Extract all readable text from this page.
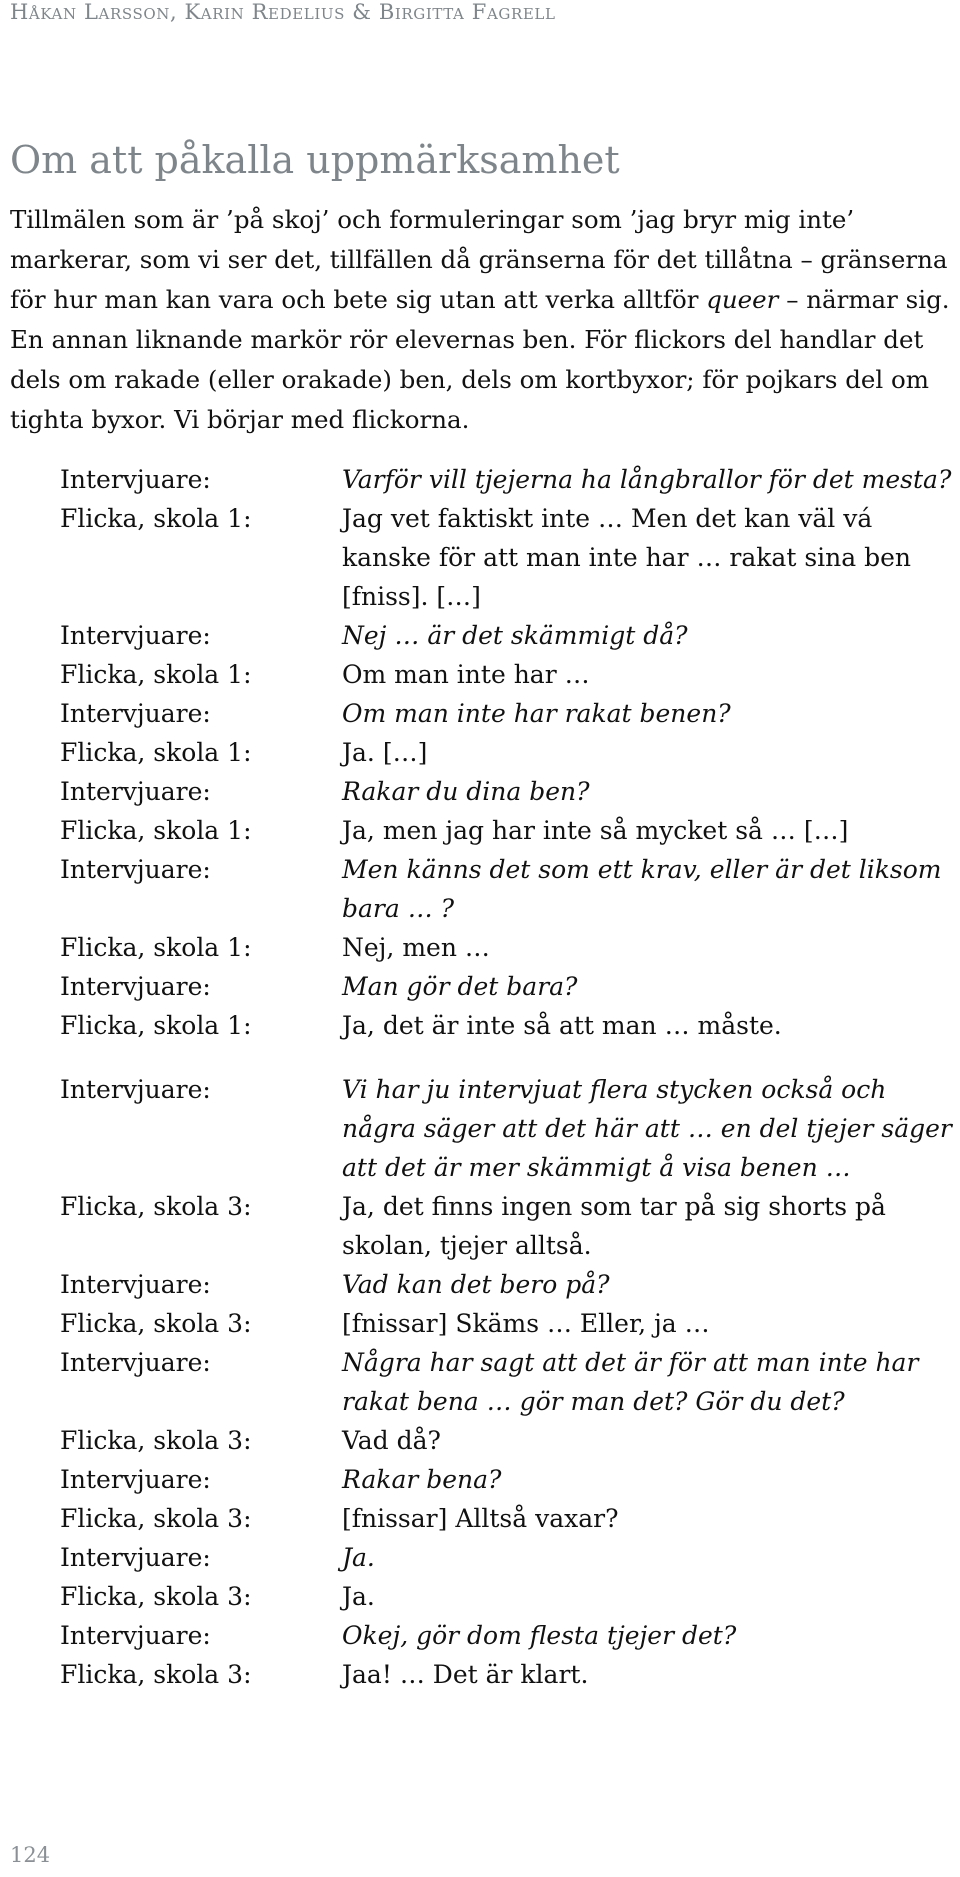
Håkan Larsson, Karin Redelius & Birgitta Fagrell
Om att påkalla uppmärksamhet

Tillmälen som är ’på skoj’ och formuleringar som ’jag bryr mig inte’ markerar, som vi ser det, tillfällen då gränserna för det tillåtna – gränserna för hur man kan vara och bete sig utan att verka alltför queer – närmar sig. En annan liknande markör rör elevernas ben. För flickors del handlar det dels om rakade (eller orakade) ben, dels om kortbyxor; för pojkars del om tighta byxor. Vi börjar med flickorna.

Intervjuare:	Varför vill tjejerna ha långbrallor för det mesta?
Flicka, skola 1:	Jag vet faktiskt inte … Men det kan väl vá kanske för att man inte har … rakat sina ben [fniss]. […]
Intervjuare:	Nej … är det skämmigt då?
Flicka, skola 1:	Om man inte har …
Intervjuare:	Om man inte har rakat benen?
Flicka, skola 1:	Ja. […]
Intervjuare:	Rakar du dina ben?
Flicka, skola 1:	Ja, men jag har inte så mycket så … […]
Intervjuare:	Men känns det som ett krav, eller är det liksom bara … ?
Flicka, skola 1:	Nej, men …
Intervjuare:	Man gör det bara?
Flicka, skola 1:	Ja, det är inte så att man … måste.
Intervjuare:	Vi har ju intervjuat flera stycken också och några säger att det här att … en del tjejer säger att det är mer skämmigt å visa benen …
Flicka, skola 3:	Ja, det finns ingen som tar på sig shorts på skolan, tjejer alltså.
Intervjuare:	Vad kan det bero på?
Flicka, skola 3:	[fnissar] Skäms … Eller, ja …
Intervjuare:	Några har sagt att det är för att man inte har rakat bena … gör man det? Gör du det?
Flicka, skola 3:	Vad då?
Intervjuare:	Rakar bena?
Flicka, skola 3:	[fnissar] Alltså vaxar?
Intervjuare:	Ja.
Flicka, skola 3:	Ja.
Intervjuare:	Okej, gör dom flesta tjejer det?
Flicka, skola 3:	Jaa! … Det är klart.
124
